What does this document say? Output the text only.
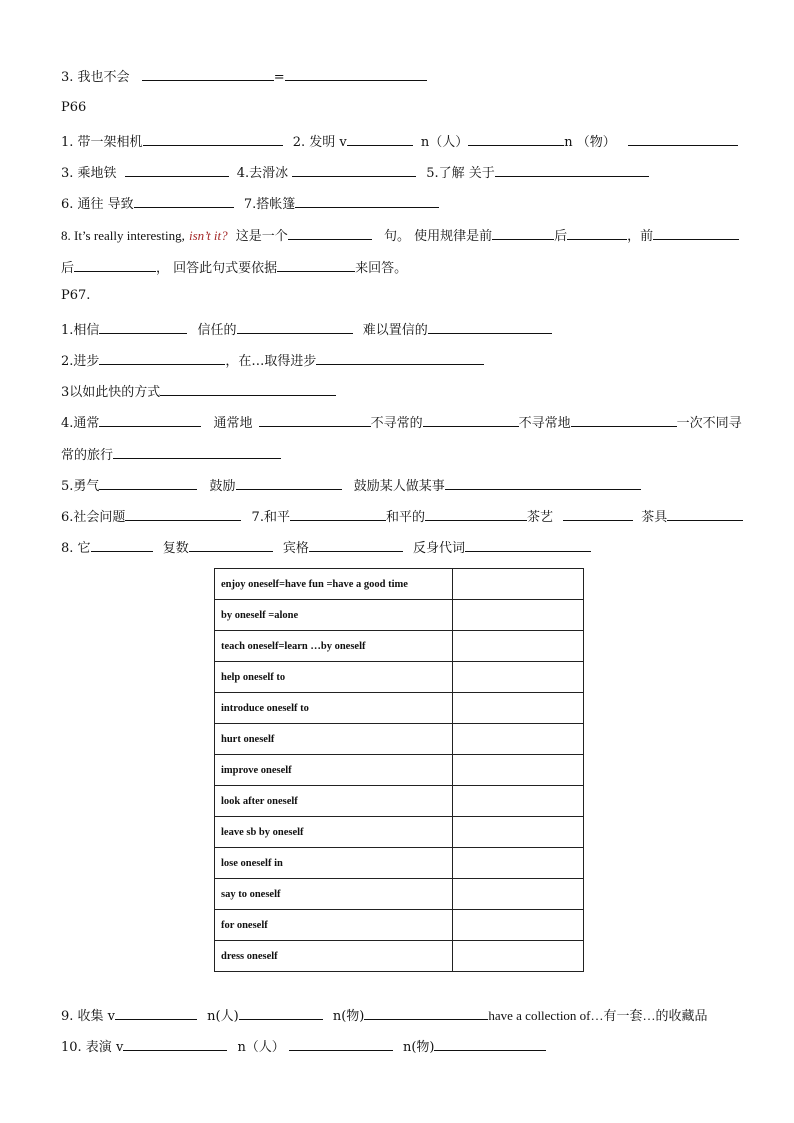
3. 我也不会	=
P66
1. 带一架相机	2. 发明 v	n（人）	n （物）
3. 乘地铁	4.去滑冰	5.了解 关于
6. 通往 导致	7.搭帐篷
8. It’s really interesting, isn’t it? 这是一个	句。 使用规律是前	后	，前
后	， 回答此句式要依据	来回答。
P67.
1.相信	信任的	难以置信的
2.进步	，在…取得进步
3以如此快的方式
4.通常	通常地	不寻常的	不寻常地	一次不同寻
常的旅行
5.勇气	鼓励	鼓励某人做某事
6.社会问题	7.和平	和平的	茶艺	茶具
8. 它	复数	宾格	反身代词
enjoy oneself=have fun =have a good time	
by oneself =alone	
teach oneself=learn …by oneself	
help oneself to	
introduce oneself to	
hurt oneself	
improve oneself	
look after oneself	
leave sb by oneself	
lose oneself in	
say to oneself	
for oneself	
dress oneself	
9. 收集 v	n(人)	n(物)	have a collection of…有一套…的收藏品
10. 表演 v	n（人）	n(物)
